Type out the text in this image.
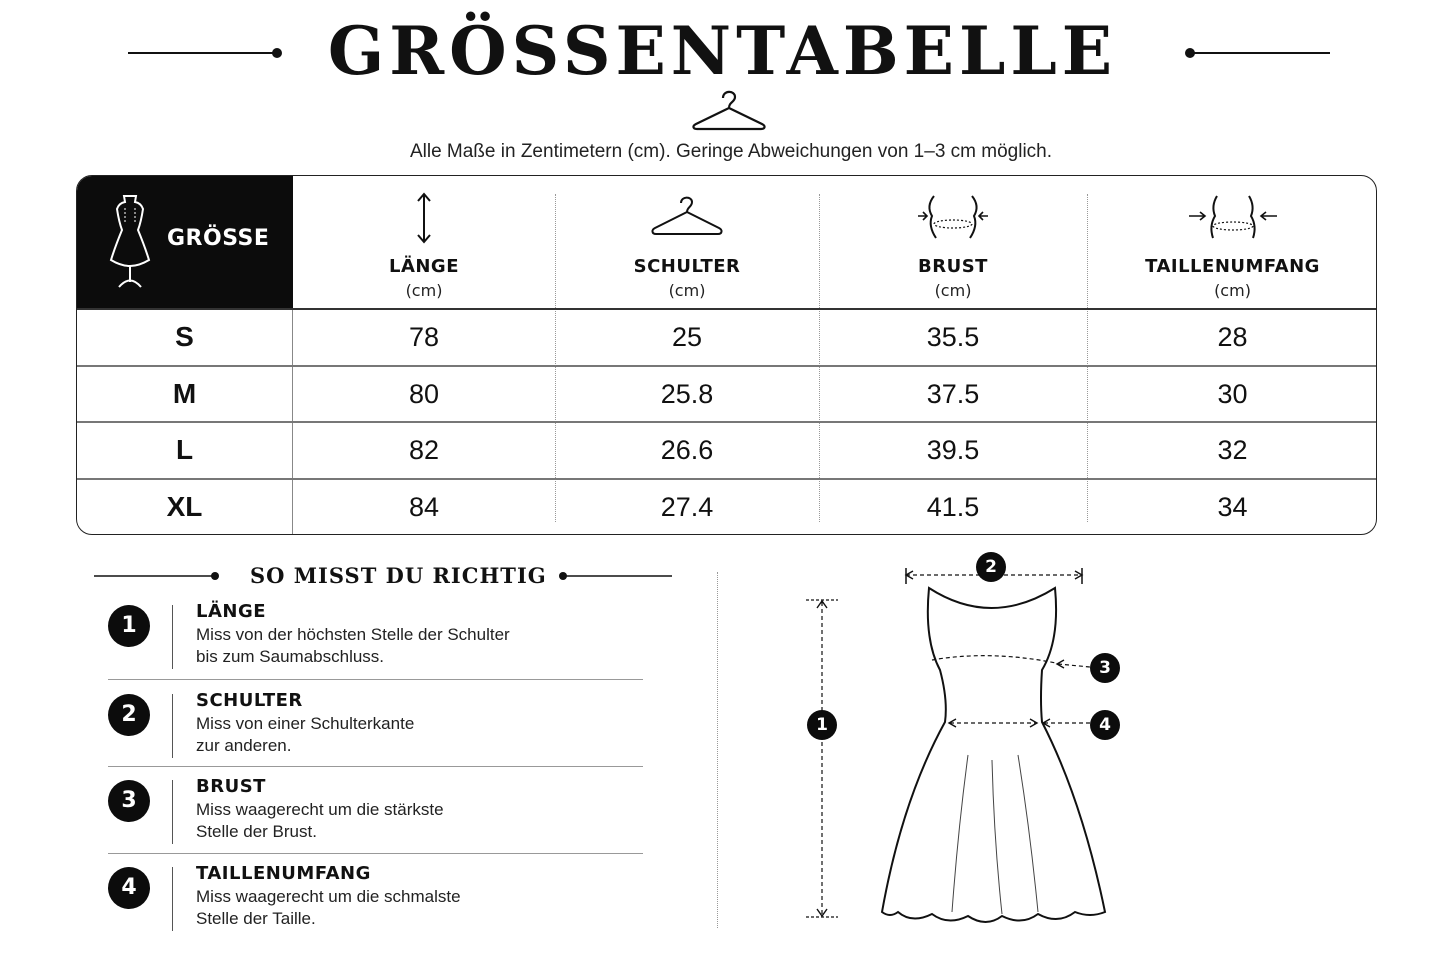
GRÖSSENTABELLE
Alle Maße in Zentimetern (cm). Geringe Abweichungen von 1–3 cm möglich.
GRÖSSE
LÄNGE
(cm)
SCHULTER
(cm)
BRUST
(cm)
TAILLENUMFANG
(cm)
S	78	25	35.5	28
M	80	25.8	37.5	30
L	82	26.6	39.5	32
XL	84	27.4	41.5	34
SO MISST DU RICHTIG
1
LÄNGE
Miss von der höchsten Stelle der Schulter
bis zum Saumabschluss.
2
SCHULTER
Miss von einer Schulterkante
zur anderen.
3
BRUST
Miss waagerecht um die stärkste
Stelle der Brust.
4
TAILLENUMFANG
Miss waagerecht um die schmalste
Stelle der Taille.
1
2
3
4
